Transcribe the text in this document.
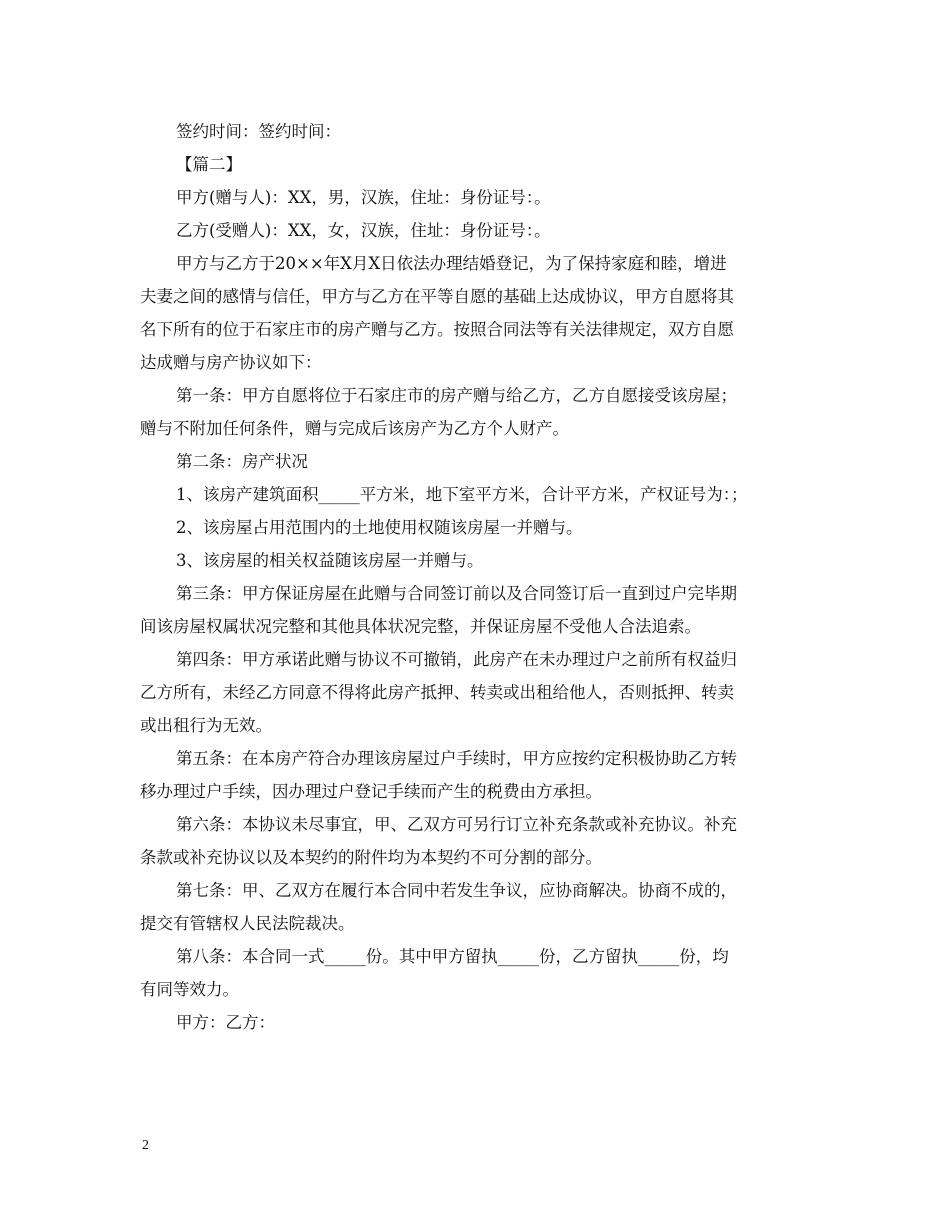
签约时间：签约时间：

【篇二】

甲方(赠与人)：XX，男，汉族，住址：身份证号：。

乙方(受赠人)：XX，女，汉族，住址：身份证号：。

甲方与乙方于20××年X月X日依法办理结婚登记，为了保持家庭和睦，增进

夫妻之间的感情与信任，甲方与乙方在平等自愿的基础上达成协议，甲方自愿将其

名下所有的位于石家庄市的房产赠与乙方。按照合同法等有关法律规定，双方自愿

达成赠与房产协议如下：

第一条：甲方自愿将位于石家庄市的房产赠与给乙方，乙方自愿接受该房屋；

赠与不附加任何条件，赠与完成后该房产为乙方个人财产。

第二条：房产状况

1、该房产建筑面积_____平方米，地下室平方米，合计平方米，产权证号为：；

2、该房屋占用范围内的土地使用权随该房屋一并赠与。

3、该房屋的相关权益随该房屋一并赠与。

第三条：甲方保证房屋在此赠与合同签订前以及合同签订后一直到过户完毕期

间该房屋权属状况完整和其他具体状况完整，并保证房屋不受他人合法追索。

第四条：甲方承诺此赠与协议不可撤销，此房产在未办理过户之前所有权益归

乙方所有，未经乙方同意不得将此房产抵押、转卖或出租给他人，否则抵押、转卖

或出租行为无效。

第五条：在本房产符合办理该房屋过户手续时，甲方应按约定积极协助乙方转

移办理过户手续，因办理过户登记手续而产生的税费由方承担。

第六条：本协议未尽事宜，甲、乙双方可另行订立补充条款或补充协议。补充

条款或补充协议以及本契约的附件均为本契约不可分割的部分。

第七条：甲、乙双方在履行本合同中若发生争议，应协商解决。协商不成的，

提交有管辖权人民法院裁决。

第八条：本合同一式_____份。其中甲方留执_____份，乙方留执_____份，均

有同等效力。

甲方：乙方：

2
